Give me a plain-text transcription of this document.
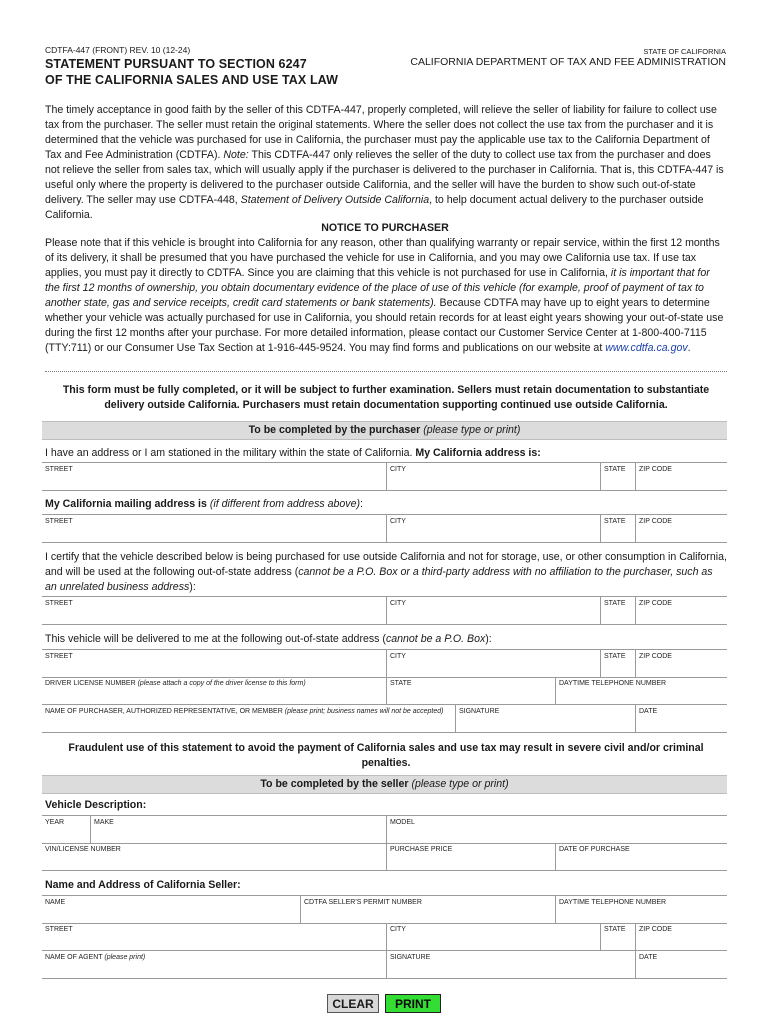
CDTFA-447 (FRONT) REV. 10 (12-24)
STATEMENT PURSUANT TO SECTION 6247
OF THE CALIFORNIA SALES AND USE TAX LAW
STATE OF CALIFORNIA
CALIFORNIA DEPARTMENT OF TAX AND FEE ADMINISTRATION
The timely acceptance in good faith by the seller of this CDTFA-447, properly completed, will relieve the seller of liability for failure to collect use tax from the purchaser. The seller must retain the original statements. Where the seller does not collect the use tax from the purchaser and it is determined that the vehicle was purchased for use in California, the purchaser must pay the applicable use tax to the California Department of Tax and Fee Administration (CDTFA). Note: This CDTFA-447 only relieves the seller of the duty to collect use tax from the purchaser and does not relieve the seller from sales tax, which will usually apply if the purchaser is delivered to the purchaser in California. That is, this CDTFA-447 is useful only where the property is delivered to the purchaser outside California, and the seller will have the burden to show such out-of-state delivery. The seller may use CDTFA-448, Statement of Delivery Outside California, to help document actual delivery to the purchaser outside California.
NOTICE TO PURCHASER
Please note that if this vehicle is brought into California for any reason, other than qualifying warranty or repair service, within the first 12 months of its delivery, it shall be presumed that you have purchased the vehicle for use in California, and you may owe California use tax. If use tax applies, you must pay it directly to CDTFA. Since you are claiming that this vehicle is not purchased for use in California, it is important that for the first 12 months of ownership, you obtain documentary evidence of the place of use of this vehicle (for example, proof of payment of tax to another state, gas and service receipts, credit card statements or bank statements). Because CDTFA may have up to eight years to determine whether your vehicle was actually purchased for use in California, you should retain records for at least eight years showing your out-of-state use during the first 12 months after your purchase. For more detailed information, please contact our Customer Service Center at 1-800-400-7115 (TTY:711) or our Consumer Use Tax Section at 1-916-445-9524. You may find forms and publications on our website at www.cdtfa.ca.gov.
This form must be fully completed, or it will be subject to further examination. Sellers must retain documentation to substantiate delivery outside California. Purchasers must retain documentation supporting continued use outside California.
To be completed by the purchaser (please type or print)
I have an address or I am stationed in the military within the state of California. My California address is:
STREET	CITY	STATE	ZIP CODE
My California mailing address is (if different from address above):
STREET	CITY	STATE	ZIP CODE
I certify that the vehicle described below is being purchased for use outside California and not for storage, use, or other consumption in California, and will be used at the following out-of-state address (cannot be a P.O. Box or a third-party address with no affiliation to the purchaser, such as an unrelated business address):
STREET	CITY	STATE	ZIP CODE
This vehicle will be delivered to me at the following out-of-state address (cannot be a P.O. Box):
STREET	CITY	STATE	ZIP CODE
DRIVER LICENSE NUMBER (please attach a copy of the driver license to this form)	STATE	DAYTIME TELEPHONE NUMBER
NAME OF PURCHASER, AUTHORIZED REPRESENTATIVE, OR MEMBER (please print; business names will not be accepted)	SIGNATURE	DATE
Fraudulent use of this statement to avoid the payment of California sales and use tax may result in severe civil and/or criminal penalties.
To be completed by the seller (please type or print)
Vehicle Description:
YEAR	MAKE	MODEL
VIN/LICENSE NUMBER	PURCHASE PRICE	DATE OF PURCHASE
Name and Address of California Seller:
NAME	CDTFA SELLER'S PERMIT NUMBER	DAYTIME TELEPHONE NUMBER
STREET	CITY	STATE	ZIP CODE
NAME OF AGENT (please print)	SIGNATURE	DATE
CLEAR	PRINT
